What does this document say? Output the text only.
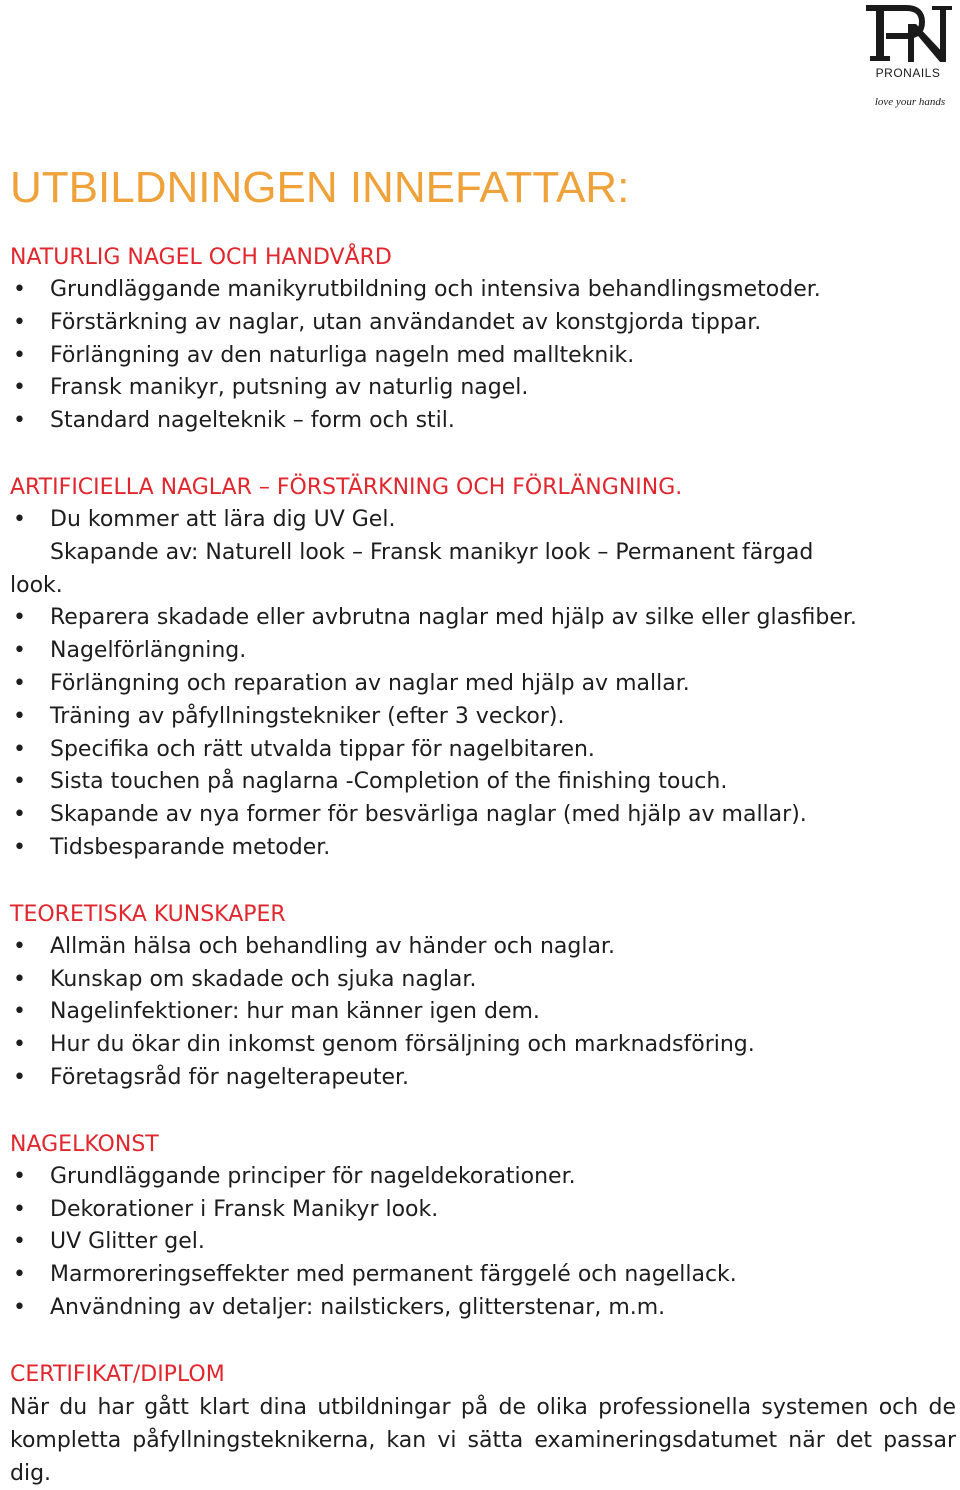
PRONAILS
love your hands
UTBILDNINGEN INNEFATTAR:
NATURLIG NAGEL OCH HANDVÅRD
• Grundläggande manikyrutbildning och intensiva behandlingsmetoder.
• Förstärkning av naglar, utan användandet av konstgjorda tippar.
• Förlängning av den naturliga nageln med mallteknik.
• Fransk manikyr, putsning av naturlig nagel.
• Standard nagelteknik – form och stil.
ARTIFICIELLA NAGLAR – FÖRSTÄRKNING OCH FÖRLÄNGNING.
• Du kommer att lära dig UV Gel.
Skapande av: Naturell look – Fransk manikyr look – Permanent färgad
look.
• Reparera skadade eller avbrutna naglar med hjälp av silke eller glasfiber.
• Nagelförlängning.
• Förlängning och reparation av naglar med hjälp av mallar.
• Träning av påfyllningstekniker (efter 3 veckor).
• Specifika och rätt utvalda tippar för nagelbitaren.
• Sista touchen på naglarna -Completion of the finishing touch.
• Skapande av nya former för besvärliga naglar (med hjälp av mallar).
• Tidsbesparande metoder.
TEORETISKA KUNSKAPER
• Allmän hälsa och behandling av händer och naglar.
• Kunskap om skadade och sjuka naglar.
• Nagelinfektioner: hur man känner igen dem.
• Hur du ökar din inkomst genom försäljning och marknadsföring.
• Företagsråd för nagelterapeuter.
NAGELKONST
• Grundläggande principer för nageldekorationer.
• Dekorationer i Fransk Manikyr look.
• UV Glitter gel.
• Marmoreringseffekter med permanent färggelé och nagellack.
• Användning av detaljer: nailstickers, glitterstenar, m.m.
CERTIFIKAT/DIPLOM

När du har gått klart dina utbildningar på de olika professionella systemen och de kompletta påfyllningsteknikerna, kan vi sätta examineringsdatumet när det passar dig.
